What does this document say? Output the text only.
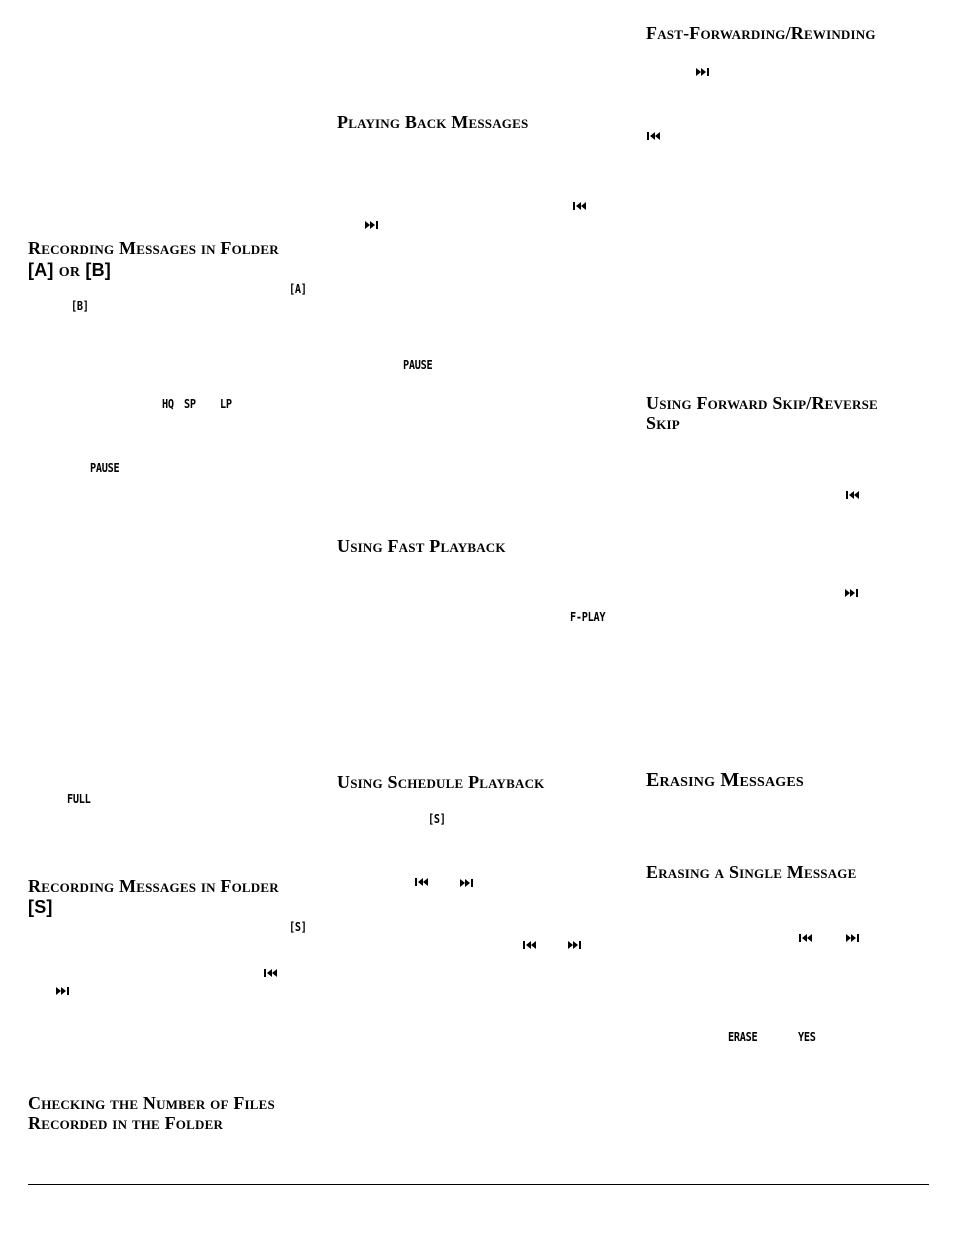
Recording Messages in Folder
[A] or [B]
[A]
[B]
HQ SP LP
PAUSE
FULL
Recording Messages in Folder
[S]
[S]
Checking the Number of Files
Recorded in the Folder
Playing Back Messages
PAUSE
Using Fast Playback
F-PLAY
Using Schedule Playback
[S]
Fast-Forwarding/Rewinding
Using Forward Skip/Reverse
Skip
Erasing Messages
Erasing a Single Message
ERASE	YES
